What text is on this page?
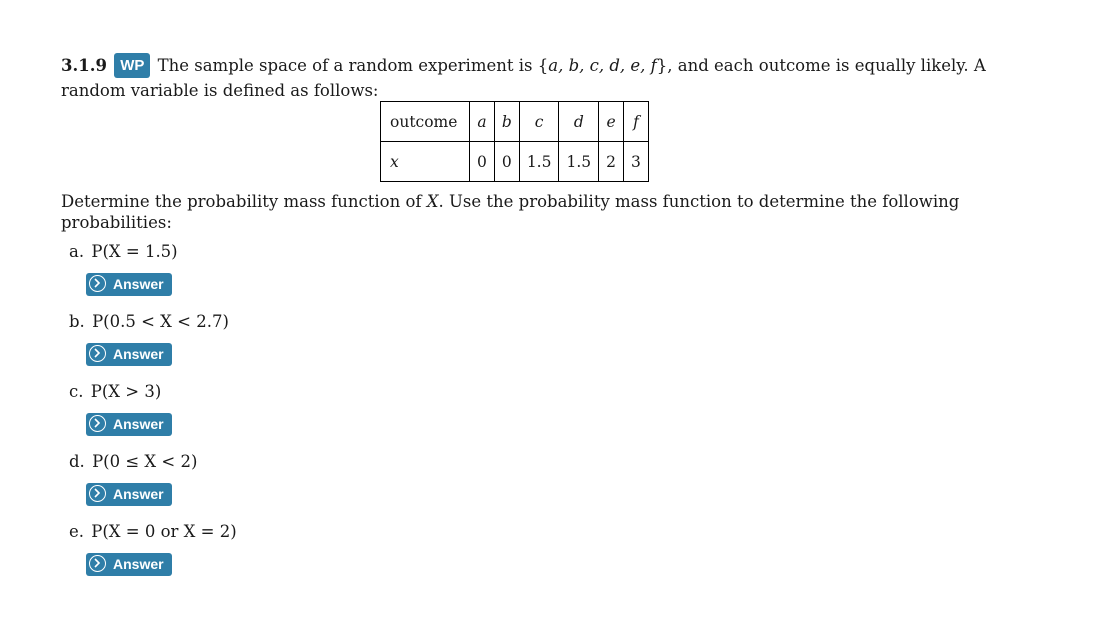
3.1.9 WP The sample space of a random experiment is {a, b, c, d, e, f}, and each outcome is equally likely. A random variable is defined as follows:
outcome	a	b	c	d	e	f
x	0	0	1.5	1.5	2	3
Determine the probability mass function of X. Use the probability mass function to determine the following probabilities:
a. P(X = 1.5)
Answer
b. P(0.5 < X < 2.7)
Answer
c. P(X > 3)
Answer
d. P(0 ≤ X < 2)
Answer
e. P(X = 0 or X = 2)
Answer
